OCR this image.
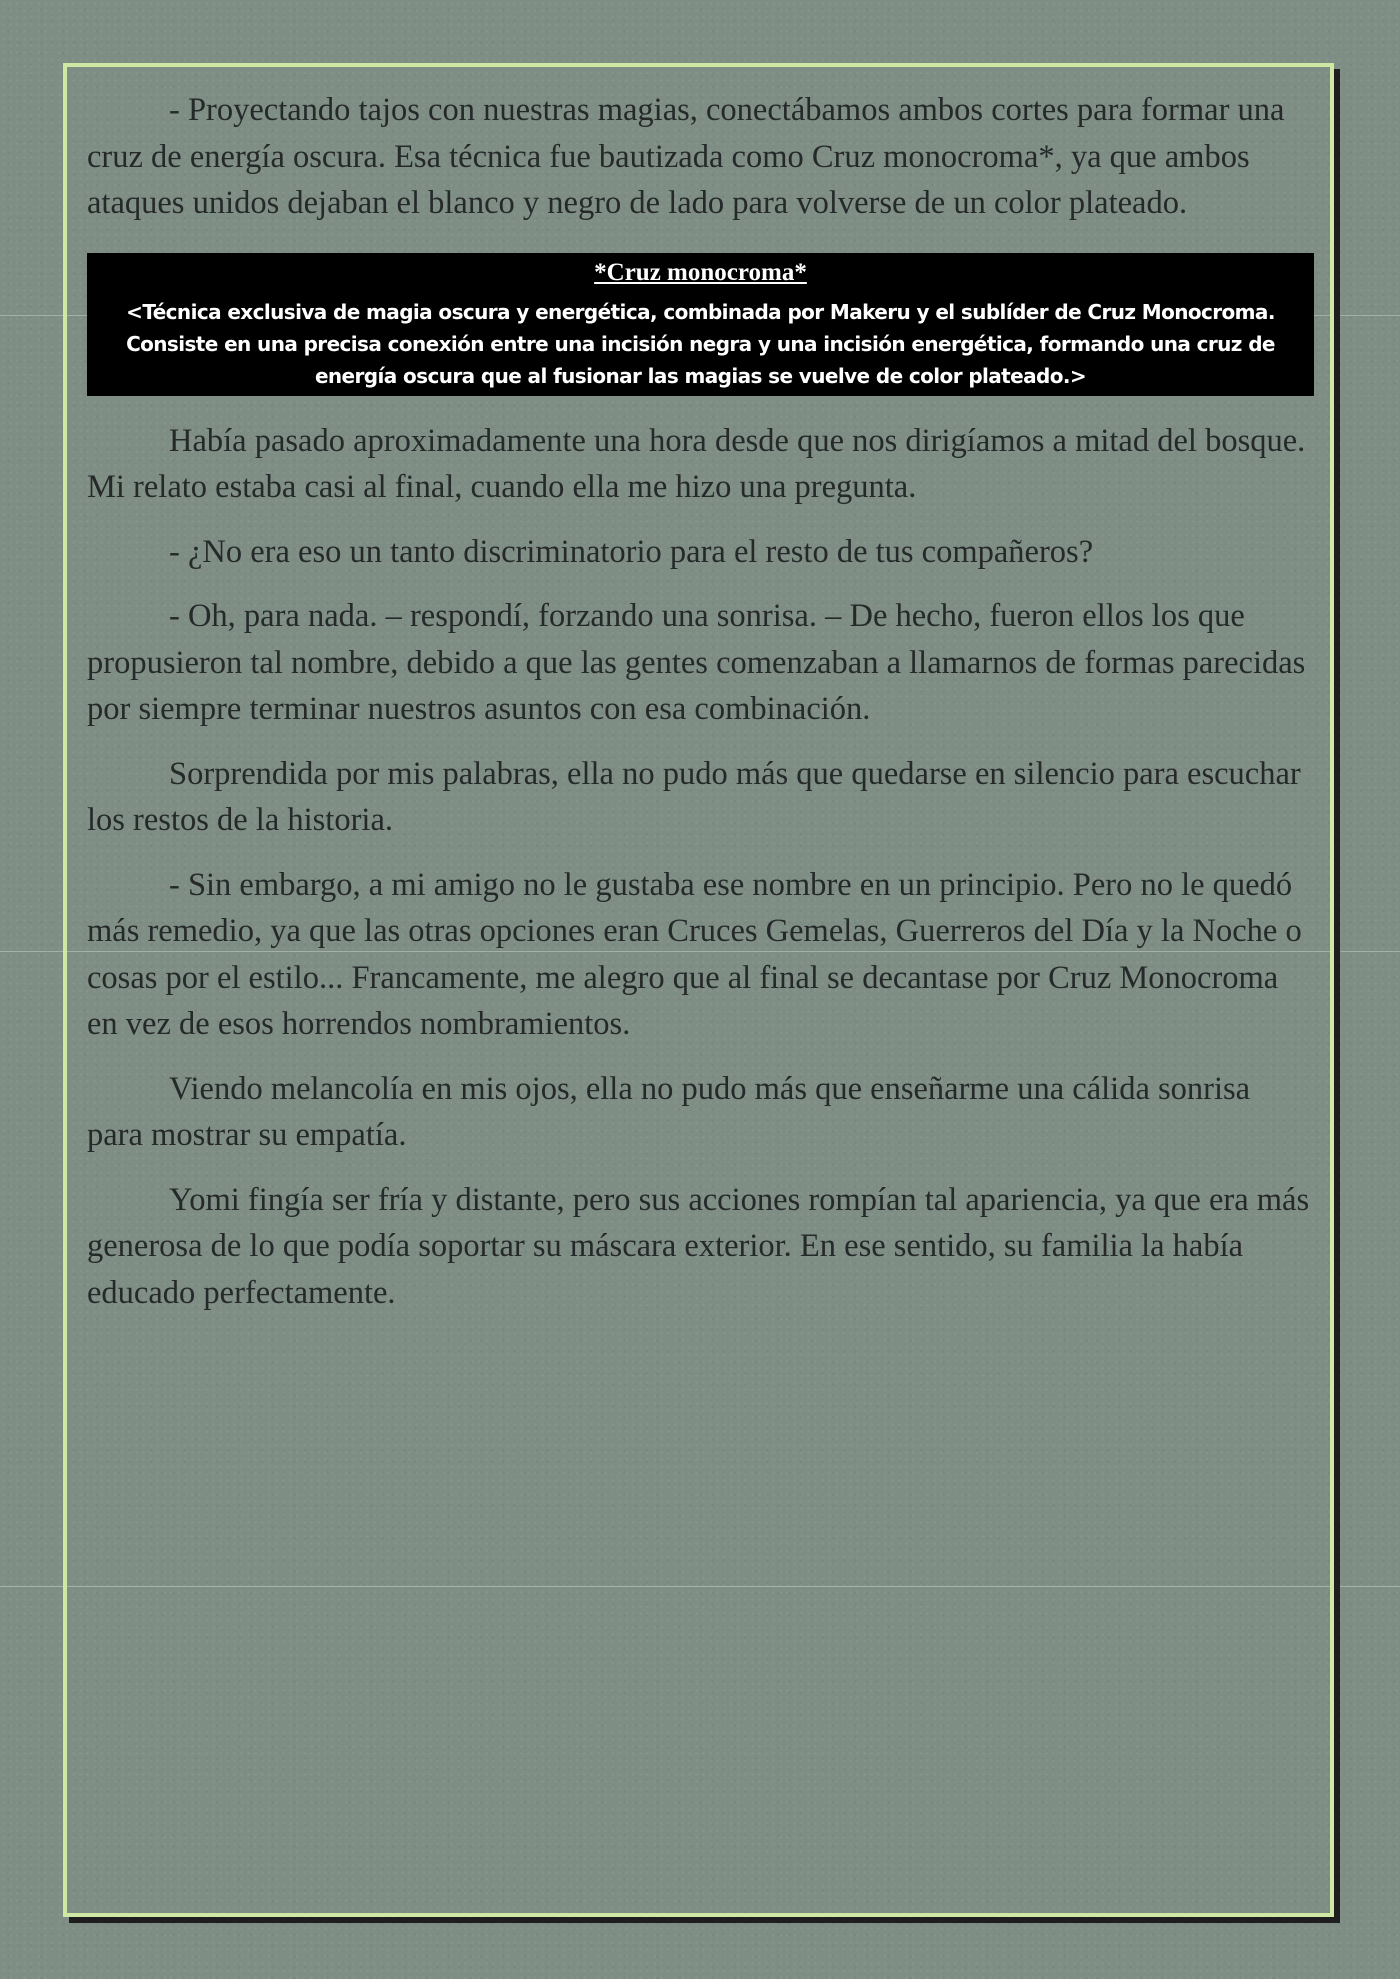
- Proyectando tajos con nuestras magias, conectábamos ambos cortes para formar una cruz de energía oscura. Esa técnica fue bautizada como Cruz monocroma*, ya que ambos ataques unidos dejaban el blanco y negro de lado para volverse de un color plateado.

*Cruz monocroma*
<Técnica exclusiva de magia oscura y energética, combinada por Makeru y el sublíder de Cruz Monocroma. Consiste en una precisa conexión entre una incisión negra y una incisión energética, formando una cruz de energía oscura que al fusionar las magias se vuelve de color plateado.>

Había pasado aproximadamente una hora desde que nos dirigíamos a mitad del bosque. Mi relato estaba casi al final, cuando ella me hizo una pregunta.

- ¿No era eso un tanto discriminatorio para el resto de tus compañeros?

- Oh, para nada. – respondí, forzando una sonrisa. – De hecho, fueron ellos los que propusieron tal nombre, debido a que las gentes comenzaban a llamarnos de formas parecidas por siempre terminar nuestros asuntos con esa combinación.

Sorprendida por mis palabras, ella no pudo más que quedarse en silencio para escuchar los restos de la historia.

- Sin embargo, a mi amigo no le gustaba ese nombre en un principio. Pero no le quedó más remedio, ya que las otras opciones eran Cruces Gemelas, Guerreros del Día y la Noche o cosas por el estilo... Francamente, me alegro que al final se decantase por Cruz Monocroma en vez de esos horrendos nombramientos.

Viendo melancolía en mis ojos, ella no pudo más que enseñarme una cálida sonrisa para mostrar su empatía.

Yomi fingía ser fría y distante, pero sus acciones rompían tal apariencia, ya que era más generosa de lo que podía soportar su máscara exterior. En ese sentido, su familia la había educado perfectamente.
